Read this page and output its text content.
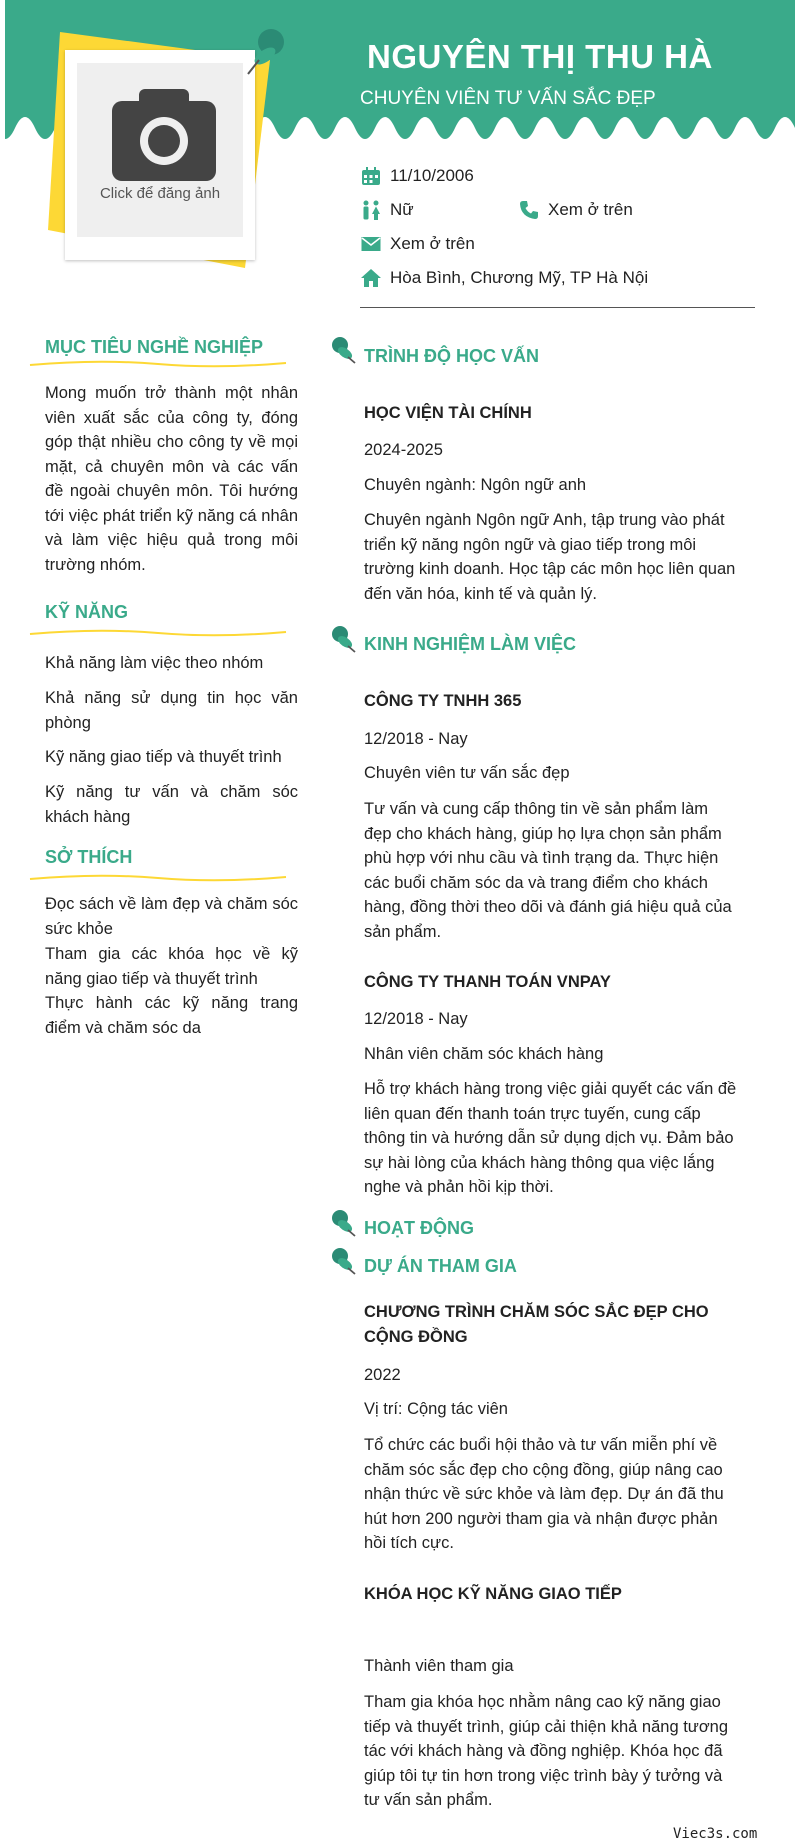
NGUYÊN THỊ THU HÀ
CHUYÊN VIÊN TƯ VẤN SẮC ĐẸP
Click để đăng ảnh
11/10/2006
Nữ	Xem ở trên
Xem ở trên
Hòa Bình, Chương Mỹ, TP Hà Nội
MỤC TIÊU NGHỀ NGHIỆP
Mong muốn trở thành một nhân viên xuất sắc của công ty, đóng góp thật nhiều cho công ty về mọi mặt, cả chuyên môn và các vấn đề ngoài chuyên môn. Tôi hướng tới việc phát triển kỹ năng cá nhân và làm việc hiệu quả trong môi trường nhóm.
KỸ NĂNG
Khả năng làm việc theo nhóm
Khả năng sử dụng tin học văn phòng
Kỹ năng giao tiếp và thuyết trình
Kỹ năng tư vấn và chăm sóc khách hàng
SỞ THÍCH
Đọc sách về làm đẹp và chăm sóc sức khỏe
Tham gia các khóa học về kỹ năng giao tiếp và thuyết trình
Thực hành các kỹ năng trang điểm và chăm sóc da
TRÌNH ĐỘ HỌC VẤN
HỌC VIỆN TÀI CHÍNH
2024-2025
Chuyên ngành: Ngôn ngữ anh
Chuyên ngành Ngôn ngữ Anh, tập trung vào phát triển kỹ năng ngôn ngữ và giao tiếp trong môi trường kinh doanh. Học tập các môn học liên quan đến văn hóa, kinh tế và quản lý.
KINH NGHIỆM LÀM VIỆC
CÔNG TY TNHH 365
12/2018 - Nay
Chuyên viên tư vấn sắc đẹp
Tư vấn và cung cấp thông tin về sản phẩm làm đẹp cho khách hàng, giúp họ lựa chọn sản phẩm phù hợp với nhu cầu và tình trạng da. Thực hiện các buổi chăm sóc da và trang điểm cho khách hàng, đồng thời theo dõi và đánh giá hiệu quả của sản phẩm.
CÔNG TY THANH TOÁN VNPAY
12/2018 - Nay
Nhân viên chăm sóc khách hàng
Hỗ trợ khách hàng trong việc giải quyết các vấn đề liên quan đến thanh toán trực tuyến, cung cấp thông tin và hướng dẫn sử dụng dịch vụ. Đảm bảo sự hài lòng của khách hàng thông qua việc lắng nghe và phản hồi kịp thời.
HOẠT ĐỘNG
DỰ ÁN THAM GIA
CHƯƠNG TRÌNH CHĂM SÓC SẮC ĐẸP CHO CỘNG ĐỒNG
2022
Vị trí: Cộng tác viên
Tổ chức các buổi hội thảo và tư vấn miễn phí về chăm sóc sắc đẹp cho cộng đồng, giúp nâng cao nhận thức về sức khỏe và làm đẹp. Dự án đã thu hút hơn 200 người tham gia và nhận được phản hồi tích cực.
KHÓA HỌC KỸ NĂNG GIAO TIẾP
Thành viên tham gia
Tham gia khóa học nhằm nâng cao kỹ năng giao tiếp và thuyết trình, giúp cải thiện khả năng tương tác với khách hàng và đồng nghiệp. Khóa học đã giúp tôi tự tin hơn trong việc trình bày ý tưởng và tư vấn sản phẩm.
Viec3s.com
